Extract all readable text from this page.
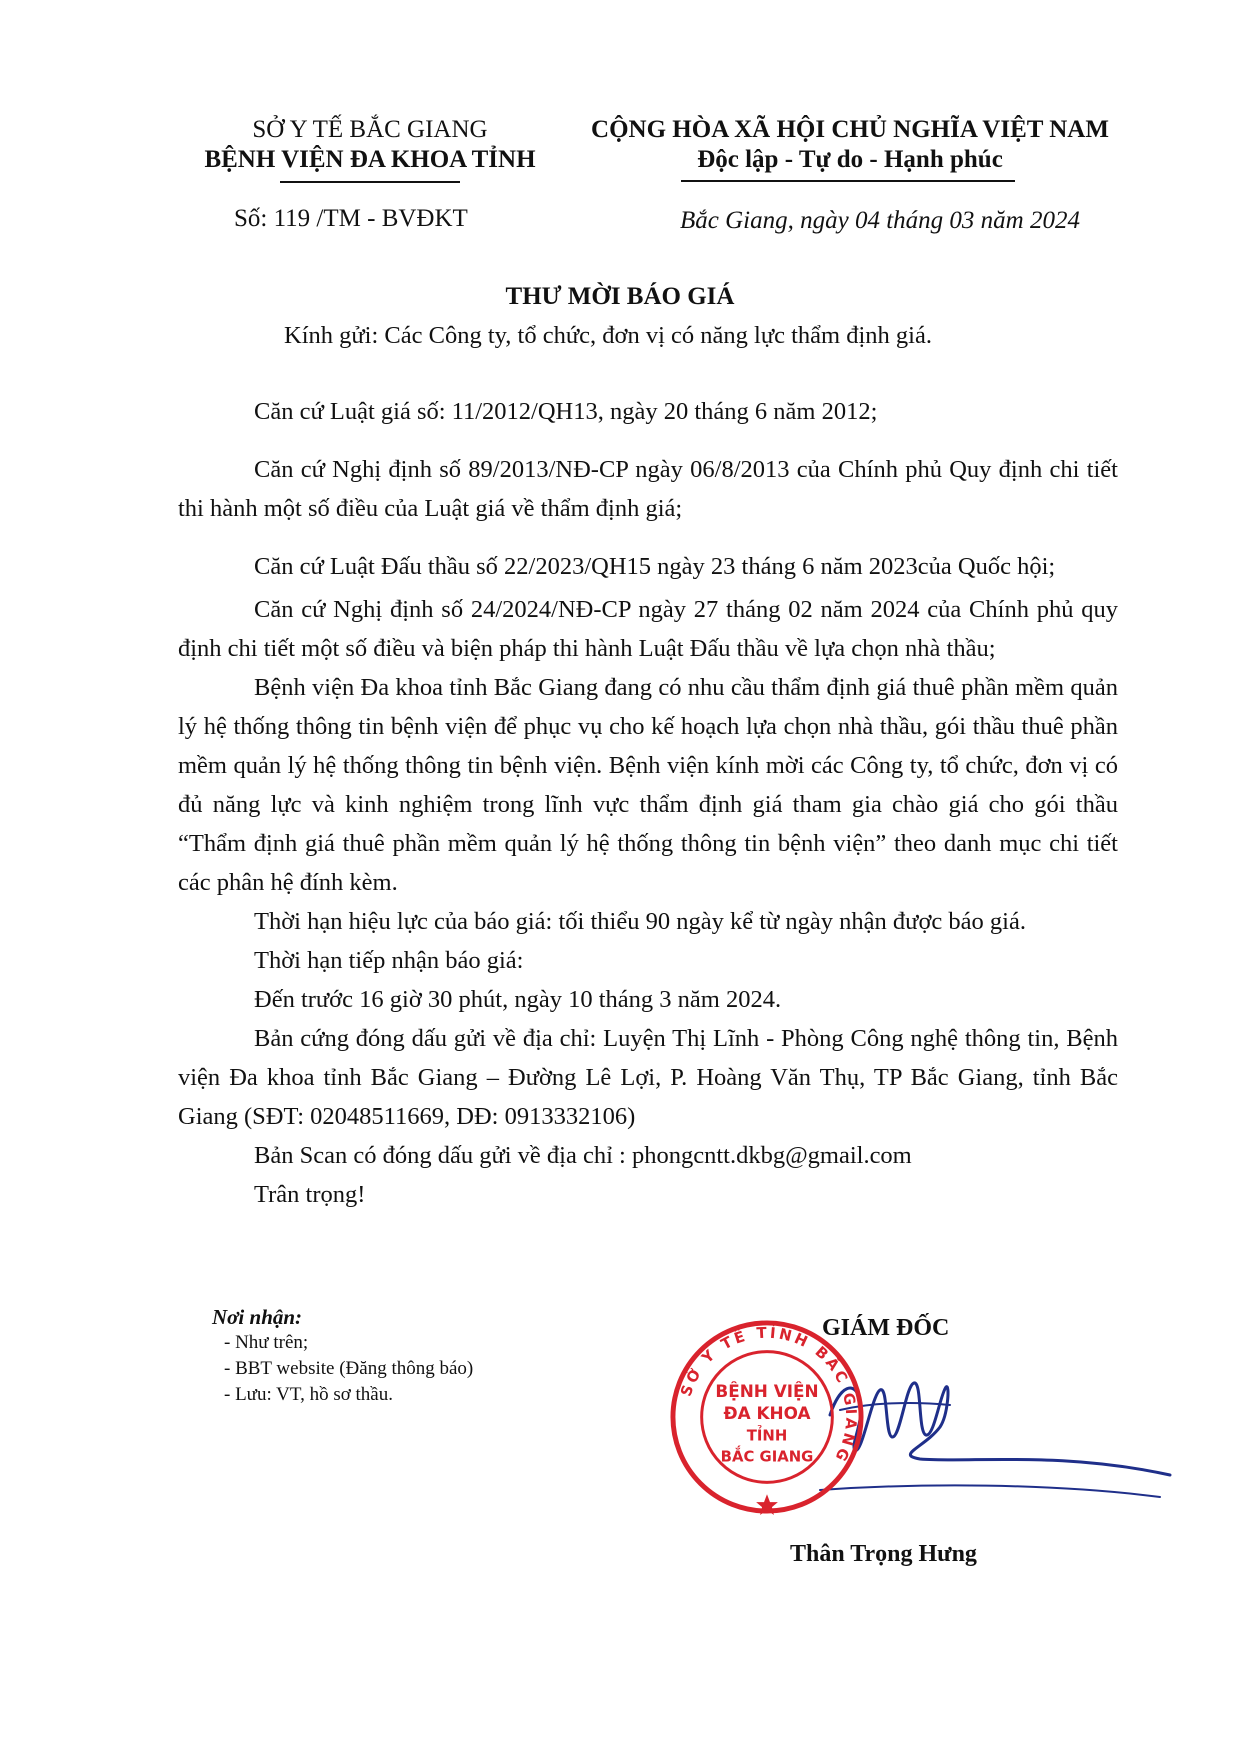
SỞ Y TẾ BẮC GIANG
BỆNH VIỆN ĐA KHOA TỈNH
Số: 119 /TM - BVĐKT
CỘNG HÒA XÃ HỘI CHỦ NGHĨA VIỆT NAM
Độc lập - Tự do - Hạnh phúc
Bắc Giang, ngày 04 tháng 03 năm 2024
THƯ MỜI BÁO GIÁ
Kính gửi: Các Công ty, tổ chức, đơn vị có năng lực thẩm định giá.

Căn cứ Luật giá số: 11/2012/QH13, ngày 20 tháng 6 năm 2012;

Căn cứ Nghị định số 89/2013/NĐ-CP ngày 06/8/2013 của Chính phủ Quy định chi tiết thi hành một số điều của Luật giá về thẩm định giá;

Căn cứ Luật Đấu thầu số 22/2023/QH15 ngày 23 tháng 6 năm 2023của Quốc hội;

Căn cứ Nghị định số 24/2024/NĐ-CP ngày 27 tháng 02 năm 2024 của Chính phủ quy định chi tiết một số điều và biện pháp thi hành Luật Đấu thầu về lựa chọn nhà thầu;

Bệnh viện Đa khoa tỉnh Bắc Giang đang có nhu cầu thẩm định giá thuê phần mềm quản lý hệ thống thông tin bệnh viện để phục vụ cho kế hoạch lựa chọn nhà thầu, gói thầu thuê phần mềm quản lý hệ thống thông tin bệnh viện. Bệnh viện kính mời các Công ty, tổ chức, đơn vị có đủ năng lực và kinh nghiệm trong lĩnh vực thẩm định giá tham gia chào giá cho gói thầu “Thẩm định giá thuê phần mềm quản lý hệ thống thông tin bệnh viện” theo danh mục chi tiết các phân hệ đính kèm.

Thời hạn hiệu lực của báo giá: tối thiểu 90 ngày kể từ ngày nhận được báo giá.

Thời hạn tiếp nhận báo giá:

Đến trước 16 giờ 30 phút, ngày 10 tháng 3 năm 2024.

Bản cứng đóng dấu gửi về địa chỉ: Luyện Thị Lĩnh - Phòng Công nghệ thông tin, Bệnh viện Đa khoa tỉnh Bắc Giang – Đường Lê Lợi, P. Hoàng Văn Thụ, TP Bắc Giang, tỉnh Bắc Giang (SĐT: 02048511669, DĐ: 0913332106)

Bản Scan có đóng dấu gửi về địa chỉ : phongcntt.dkbg@gmail.com

Trân trọng!

Nơi nhận:
- Như trên;
- BBT website (Đăng thông báo)
- Lưu: VT, hồ sơ thầu.
GIÁM ĐỐC
SỞ Y TẾ TỈNH BẮC GIANG
BỆNH VIỆN
ĐA KHOA
TỈNH
BẮC GIANG
Thân Trọng Hưng
